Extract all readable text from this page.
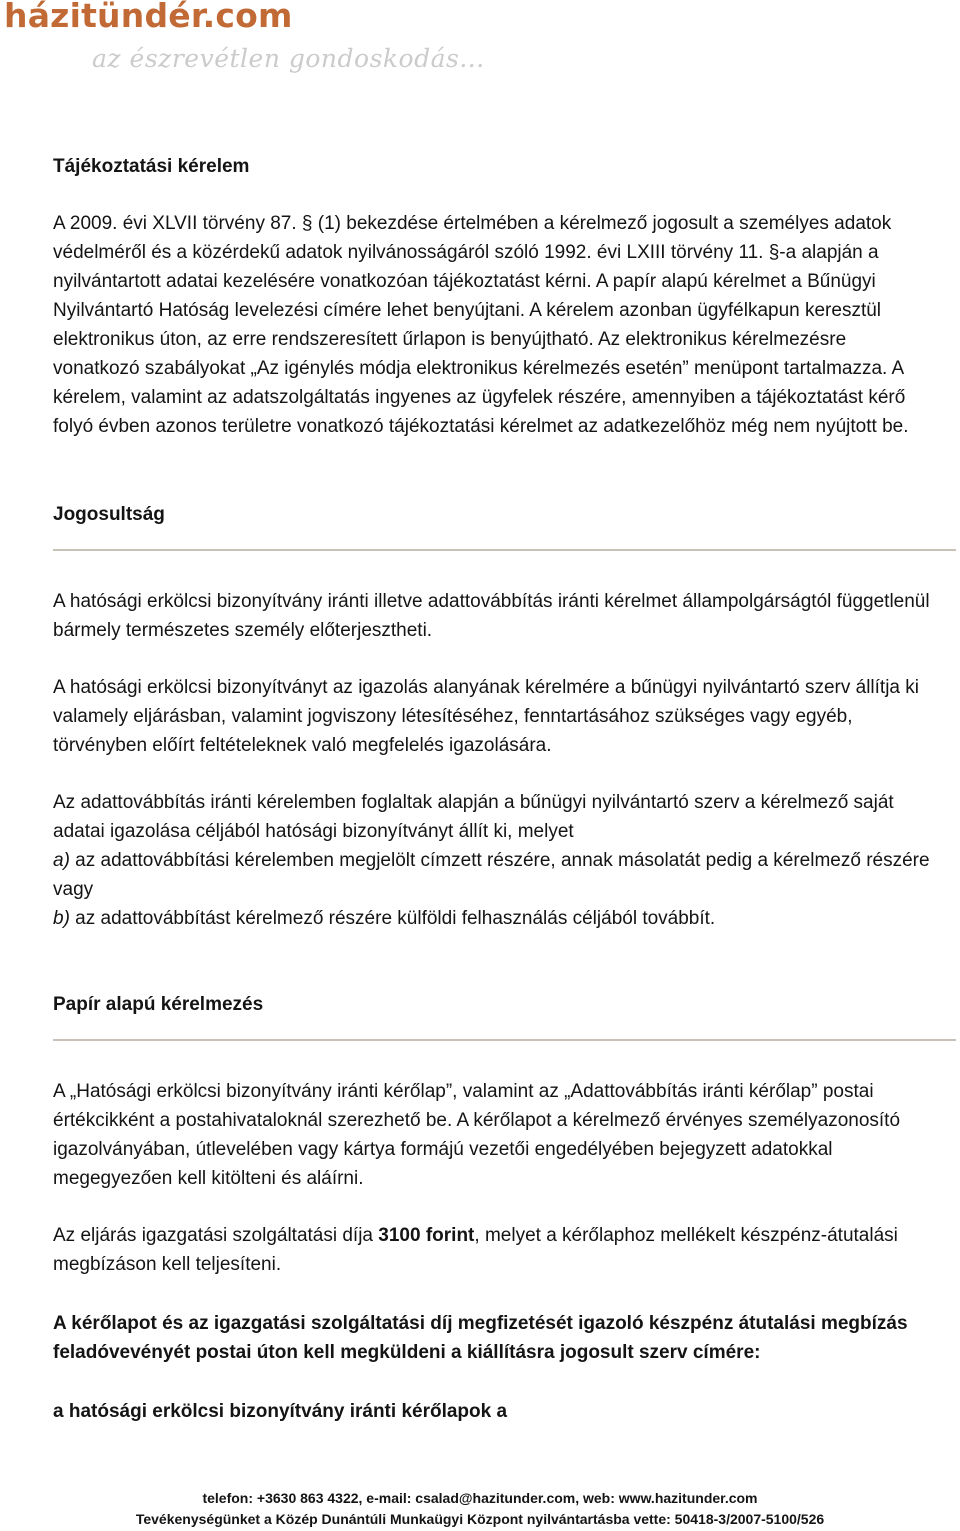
házitündér.com
az észrevétlen gondoskodás...
Tájékoztatási kérelem

A 2009. évi XLVII törvény 87. § (1) bekezdése értelmében a kérelmező jogosult a személyes adatok védelméről és a közérdekű adatok nyilvánosságáról szóló 1992. évi LXIII törvény 11. §-a alapján a nyilvántartott adatai kezelésére vonatkozóan tájékoztatást kérni. A papír alapú kérelmet a Bűnügyi Nyilvántartó Hatóság levelezési címére lehet benyújtani. A kérelem azonban ügyfélkapun keresztül elektronikus úton, az erre rendszeresített űrlapon is benyújtható. Az elektronikus kérelmezésre vonatkozó szabályokat „Az igénylés módja elektronikus kérelmezés esetén” menüpont tartalmazza. A kérelem, valamint az adatszolgáltatás ingyenes az ügyfelek részére, amennyiben a tájékoztatást kérő folyó évben azonos területre vonatkozó tájékoztatási kérelmet az adatkezelőhöz még nem nyújtott be.

Jogosultság

A hatósági erkölcsi bizonyítvány iránti illetve adattovábbítás iránti kérelmet állampolgárságtól függetlenül bármely természetes személy előterjesztheti.

A hatósági erkölcsi bizonyítványt az igazolás alanyának kérelmére a bűnügyi nyilvántartó szerv állítja ki valamely eljárásban, valamint jogviszony létesítéséhez, fenntartásához szükséges vagy egyéb, törvényben előírt feltételeknek való megfelelés igazolására.

Az adattovábbítás iránti kérelemben foglaltak alapján a bűnügyi nyilvántartó szerv a kérelmező saját adatai igazolása céljából hatósági bizonyítványt állít ki, melyet
a) az adattovábbítási kérelemben megjelölt címzett részére, annak másolatát pedig a kérelmező részére vagy
b) az adattovábbítást kérelmező részére külföldi felhasználás céljából továbbít.
Papír alapú kérelmezés

A „Hatósági erkölcsi bizonyítvány iránti kérőlap”, valamint az „Adattovábbítás iránti kérőlap” postai értékcikként a postahivataloknál szerezhető be. A kérőlapot a kérelmező érvényes személyazonosító igazolványában, útlevelében vagy kártya formájú vezetői engedélyében bejegyzett adatokkal megegyezően kell kitölteni és aláírni.

Az eljárás igazgatási szolgáltatási díja 3100 forint, melyet a kérőlaphoz mellékelt készpénz-átutalási megbízáson kell teljesíteni.

A kérőlapot és az igazgatási szolgáltatási díj megfizetését igazoló készpénz átutalási megbízás feladóvevényét postai úton kell megküldeni a kiállításra jogosult szerv címére:

a hatósági erkölcsi bizonyítvány iránti kérőlapok a
telefon: +3630 863 4322, e-mail: csalad@hazitunder.com, web: www.hazitunder.com
Tevékenységünket a Közép Dunántúli Munkaügyi Központ nyilvántartásba vette: 50418-3/2007-5100/526
